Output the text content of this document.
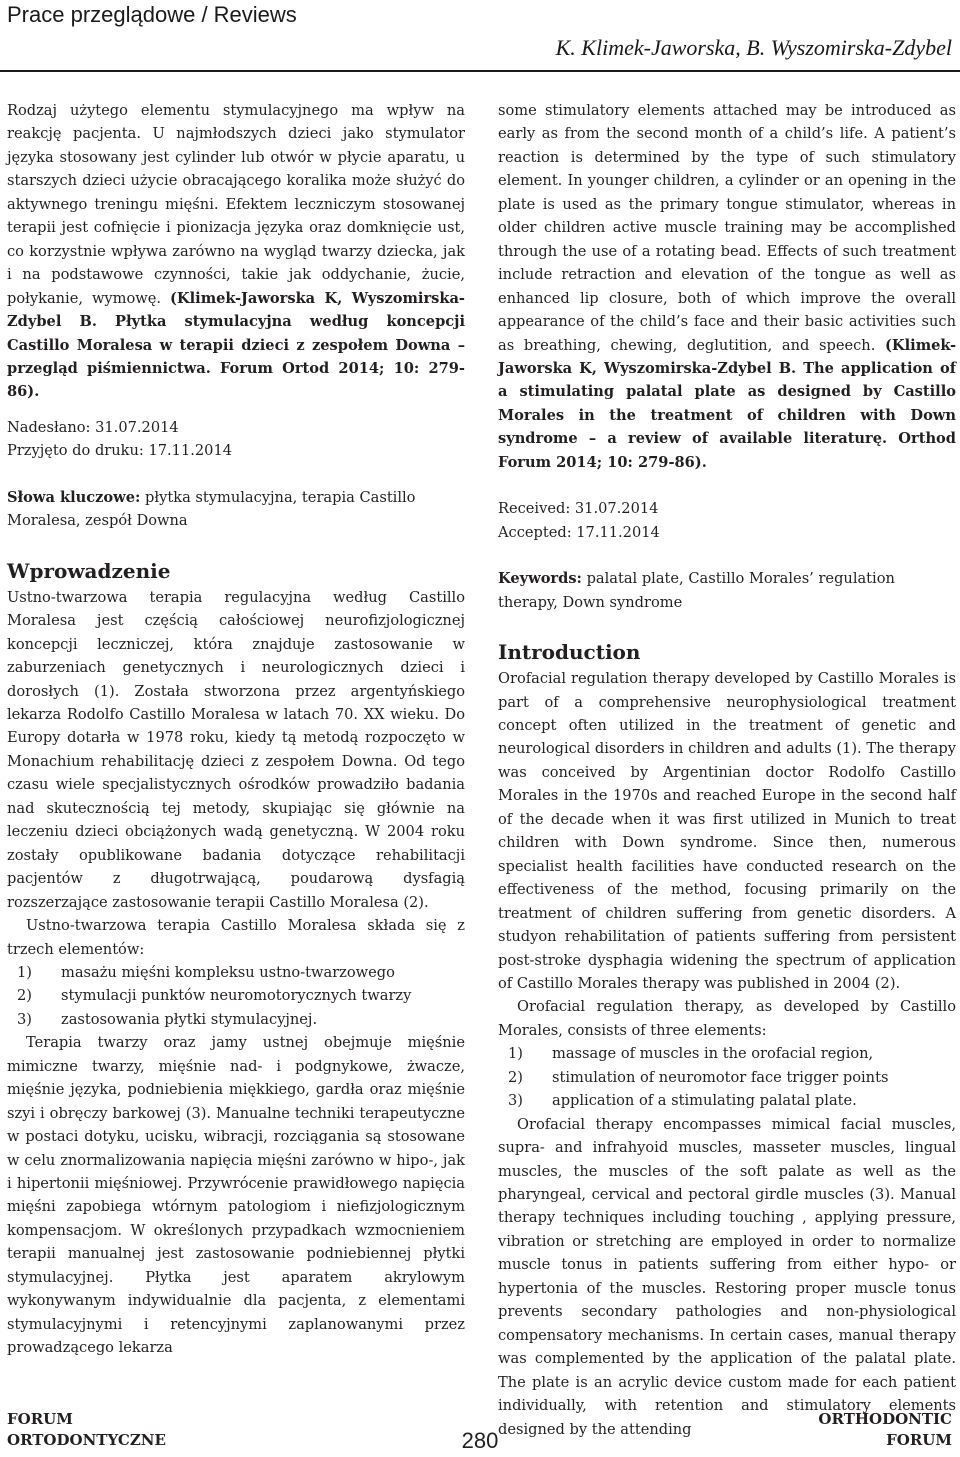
Prace przeglądowe / Reviews
K. Klimek-Jaworska, B. Wyszomirska-Zdybel

Rodzaj użytego elementu stymulacyjnego ma wpływ na reakcję pacjenta. U najmłodszych dzieci jako stymulator języka stosowany jest cylinder lub otwór w płycie aparatu, u starszych dzieci użycie obracającego koralika może służyć do aktywnego treningu mięśni. Efektem leczniczym stosowanej terapii jest cofnięcie i pionizacja języka oraz domknięcie ust, co korzystnie wpływa zarówno na wygląd twarzy dziecka, jak i na podstawowe czynności, takie jak oddychanie, żucie, połykanie, wymowę. (Klimek-Jaworska K, Wyszomirska-Zdybel B. Płytka stymulacyjna według koncepcji Castillo Moralesa w terapii dzieci z zespołem Downa – przegląd piśmiennictwa. Forum Ortod 2014; 10: 279-86).

Nadesłano: 31.07.2014

Przyjęto do druku: 17.11.2014

Słowa kluczowe: płytka stymulacyjna, terapia Castillo Moralesa, zespół Downa

Wprowadzenie

Ustno-twarzowa terapia regulacyjna według Castillo Moralesa jest częścią całościowej neurofizjologicznej koncepcji leczniczej, która znajduje zastosowanie w zaburzeniach genetycznych i neurologicznych dzieci i dorosłych (1). Została stworzona przez argentyńskiego lekarza Rodolfo Castillo Moralesa w latach 70. XX wieku. Do Europy dotarła w 1978 roku, kiedy tą metodą rozpoczęto w Monachium rehabilitację dzieci z zespołem Downa. Od tego czasu wiele specjalistycznych ośrodków prowadziło badania nad skutecznością tej metody, skupiając się głównie na leczeniu dzieci obciążonych wadą genetyczną. W 2004 roku zostały opublikowane badania dotyczące rehabilitacji pacjentów z długotrwającą, poudarową dysfagią rozszerzające zastosowanie terapii Castillo Moralesa (2).

Ustno-twarzowa terapia Castillo Moralesa składa się z trzech elementów:

1)	masażu mięśni kompleksu ustno-twarzowego
2)	stymulacji punktów neuromotorycznych twarzy
3)	zastosowania płytki stymulacyjnej.

Terapia twarzy oraz jamy ustnej obejmuje mięśnie mimiczne twarzy, mięśnie nad- i podgnykowe, żwacze, mięśnie języka, podniebienia miękkiego, gardła oraz mięśnie szyi i obręczy barkowej (3). Manualne techniki terapeutyczne w postaci dotyku, ucisku, wibracji, rozciągania są stosowane w celu znormalizowania napięcia mięśni zarówno w hipo-, jak i hipertonii mięśniowej. Przywrócenie prawidłowego napięcia mięśni zapobiega wtórnym patologiom i niefizjologicznym kompensacjom. W określonych przypadkach wzmocnieniem terapii manualnej jest zastosowanie podniebiennej płytki stymulacyjnej. Płytka jest aparatem akrylowym wykonywanym indywidualnie dla pacjenta, z elementami stymulacyjnymi i retencyjnymi zaplanowanymi przez prowadzącego lekarza

some stimulatory elements attached may be introduced as early as from the second month of a child’s life. A patient’s reaction is determined by the type of such stimulatory element. In younger children, a cylinder or an opening in the plate is used as the primary tongue stimulator, whereas in older children active muscle training may be accomplished through the use of a rotating bead. Effects of such treatment include retraction and elevation of the tongue as well as enhanced lip closure, both of which improve the overall appearance of the child’s face and their basic activities such as breathing, chewing, deglutition, and speech. (Klimek-Jaworska K, Wyszomirska-Zdybel B. The application of a stimulating palatal plate as designed by Castillo Morales in the treatment of children with Down syndrome – a review of available literaturę. Orthod Forum 2014; 10: 279-86).

Received: 31.07.2014

Accepted: 17.11.2014

Keywords: palatal plate, Castillo Morales’ regulation therapy, Down syndrome

Introduction

Orofacial regulation therapy developed by Castillo Morales is part of a comprehensive neurophysiological treatment concept often utilized in the treatment of genetic and neurological disorders in children and adults (1). The therapy was conceived by Argentinian doctor Rodolfo Castillo Morales in the 1970s and reached Europe in the second half of the decade when it was first utilized in Munich to treat children with Down syndrome. Since then, numerous specialist health facilities have conducted research on the effectiveness of the method, focusing primarily on the treatment of children suffering from genetic disorders. A studyon rehabilitation of patients suffering from persistent post-stroke dysphagia widening the spectrum of application of Castillo Morales therapy was published in 2004 (2).

Orofacial regulation therapy, as developed by Castillo Morales, consists of three elements:

1)	massage of muscles in the orofacial region,
2)	stimulation of neuromotor face trigger points
3)	application of a stimulating palatal plate.

Orofacial therapy encompasses mimical facial muscles, supra- and infrahyoid muscles, masseter muscles, lingual muscles, the muscles of the soft palate as well as the pharyngeal, cervical and pectoral girdle muscles (3). Manual therapy techniques including touching , applying pressure, vibration or stretching are employed in order to normalize muscle tonus in patients suffering from either hypo- or hypertonia of the muscles. Restoring proper muscle tonus prevents secondary pathologies and non-physiological compensatory mechanisms. In certain cases, manual therapy was complemented by the application of the palatal plate. The plate is an acrylic device custom made for each patient individually, with retention and stimulatory elements designed by the attending

FORUM
ORTODONTYCZNE	280
ORTHODONTIC
FORUM
